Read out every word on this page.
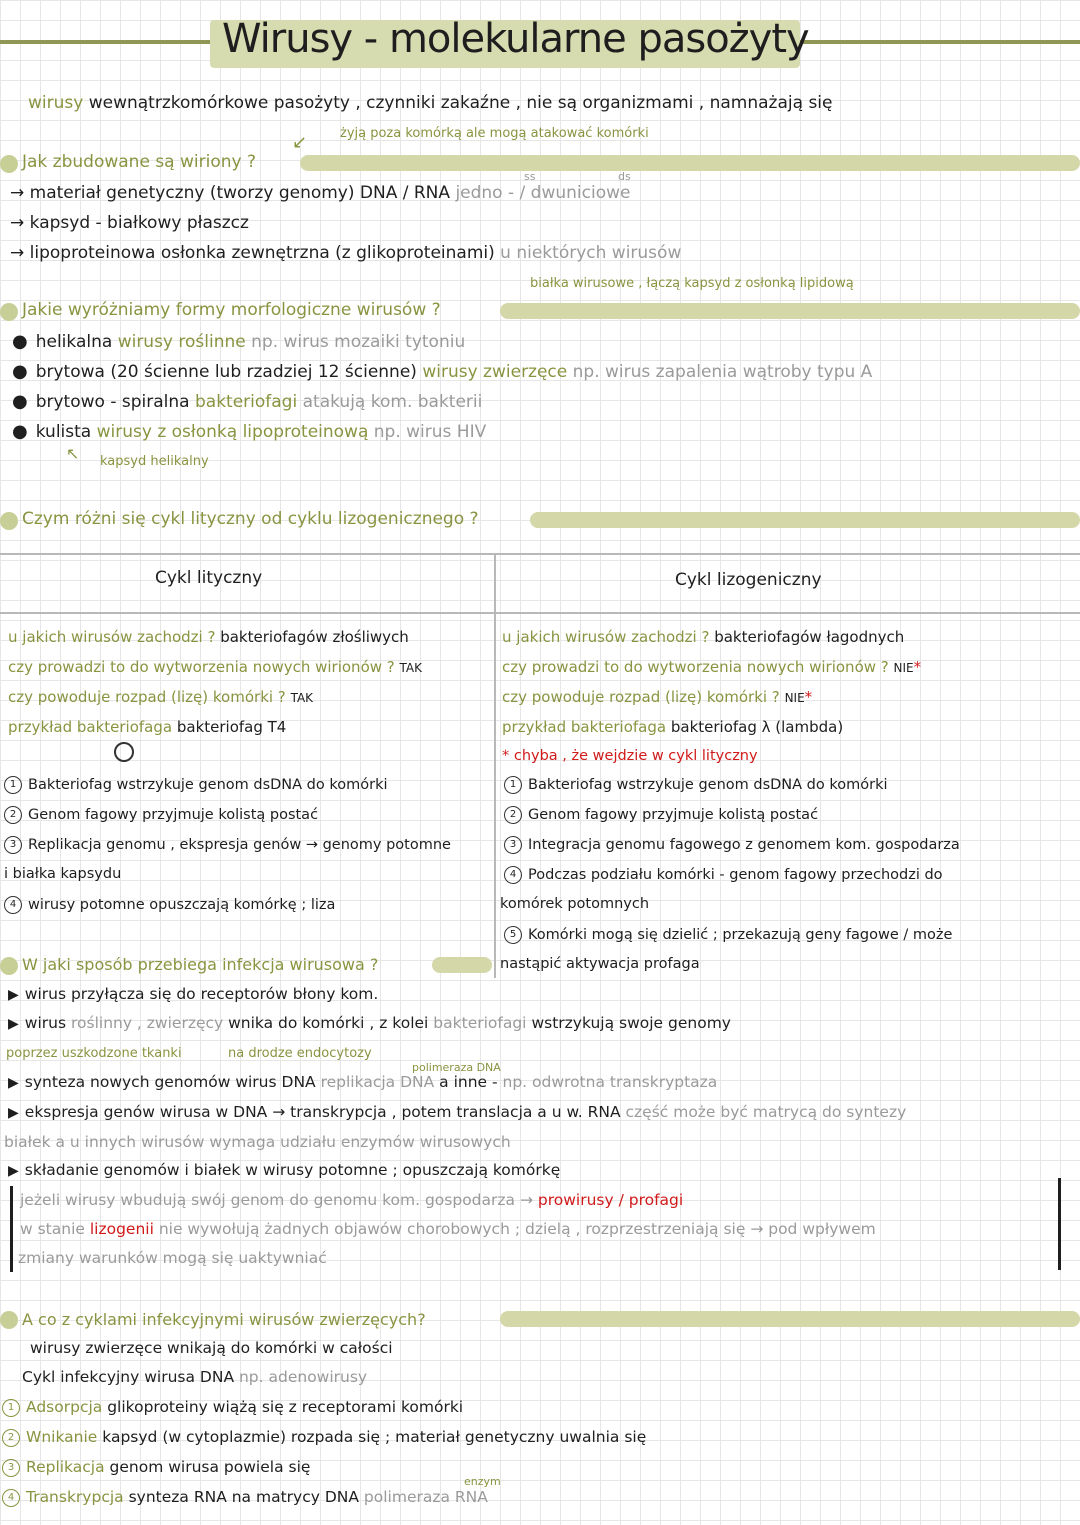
Wirusy - molekularne pasożyty
wirusy wewnątrzkomórkowe pasożyty , czynniki zakaźne , nie są organizmami , namnażają się
żyją poza komórką ale mogą atakować komórki
↙
Jak zbudowane są wiriony ?
ss	ds
→ materiał genetyczny (tworzy genomy) DNA / RNA jedno - / dwuniciowe
→ kapsyd - białkowy płaszcz
→ lipoproteinowa osłonka zewnętrzna (z glikoproteinami) u niektórych wirusów
białka wirusowe , łączą kapsyd z osłonką lipidową
Jakie wyróżniamy formy morfologiczne wirusów ?
● helikalna wirusy roślinne np. wirus mozaiki tytoniu
● brytowa (20 ścienne lub rzadziej 12 ścienne) wirusy zwierzęce np. wirus zapalenia wątroby typu A
● brytowo - spiralna bakteriofagi atakują kom. bakterii
● kulista wirusy z osłonką lipoproteinową np. wirus HIV
↖ kapsyd helikalny
Czym różni się cykl lityczny od cyklu lizogenicznego ?
Cykl lityczny	Cykl lizogeniczny
u jakich wirusów zachodzi ? bakteriofagów złośliwych
czy prowadzi to do wytworzenia nowych wirionów ? TAK
czy powoduje rozpad (lizę) komórki ? TAK
przykład bakteriofaga bakteriofag T4
1 Bakteriofag wstrzykuje genom dsDNA do komórki
2 Genom fagowy przyjmuje kolistą postać
3 Replikacja genomu , ekspresja genów → genomy potomne
i białka kapsydu
4 wirusy potomne opuszczają komórkę ; liza
u jakich wirusów zachodzi ? bakteriofagów łagodnych
czy prowadzi to do wytworzenia nowych wirionów ? NIE*
czy powoduje rozpad (lizę) komórki ? NIE*
przykład bakteriofaga bakteriofag λ (lambda)
* chyba , że wejdzie w cykl lityczny
1 Bakteriofag wstrzykuje genom dsDNA do komórki
2 Genom fagowy przyjmuje kolistą postać
3 Integracja genomu fagowego z genomem kom. gospodarza
4 Podczas podziału komórki - genom fagowy przechodzi do
komórek potomnych
5 Komórki mogą się dzielić ; przekazują geny fagowe / może
nastąpić aktywacja profaga
W jaki sposób przebiega infekcja wirusowa ?
▶ wirus przyłącza się do receptorów błony kom.
▶ wirus roślinny , zwierzęcy wnika do komórki , z kolei bakteriofagi wstrzykują swoje genomy
poprzez uszkodzone tkanki	na drodze endocytozy
polimeraza DNA
▶ synteza nowych genomów wirus DNA replikacja DNA a inne - np. odwrotna transkryptaza
▶ ekspresja genów wirusa w DNA → transkrypcja , potem translacja a u w. RNA część może być matrycą do syntezy
białek a u innych wirusów wymaga udziału enzymów wirusowych
▶ składanie genomów i białek w wirusy potomne ; opuszczają komórkę
jeżeli wirusy wbudują swój genom do genomu kom. gospodarza → prowirusy / profagi
w stanie lizogenii nie wywołują żadnych objawów chorobowych ; dzielą , rozprzestrzeniają się → pod wpływem
zmiany warunków mogą się uaktywniać
A co z cyklami infekcyjnymi wirusów zwierzęcych?
wirusy zwierzęce wnikają do komórki w całości
Cykl infekcyjny wirusa DNA np. adenowirusy
1 Adsorpcja glikoproteiny wiążą się z receptorami komórki
2 Wnikanie kapsyd (w cytoplazmie) rozpada się ; materiał genetyczny uwalnia się
3 Replikacja genom wirusa powiela się
enzym
4 Transkrypcja synteza RNA na matrycy DNA polimeraza RNA
